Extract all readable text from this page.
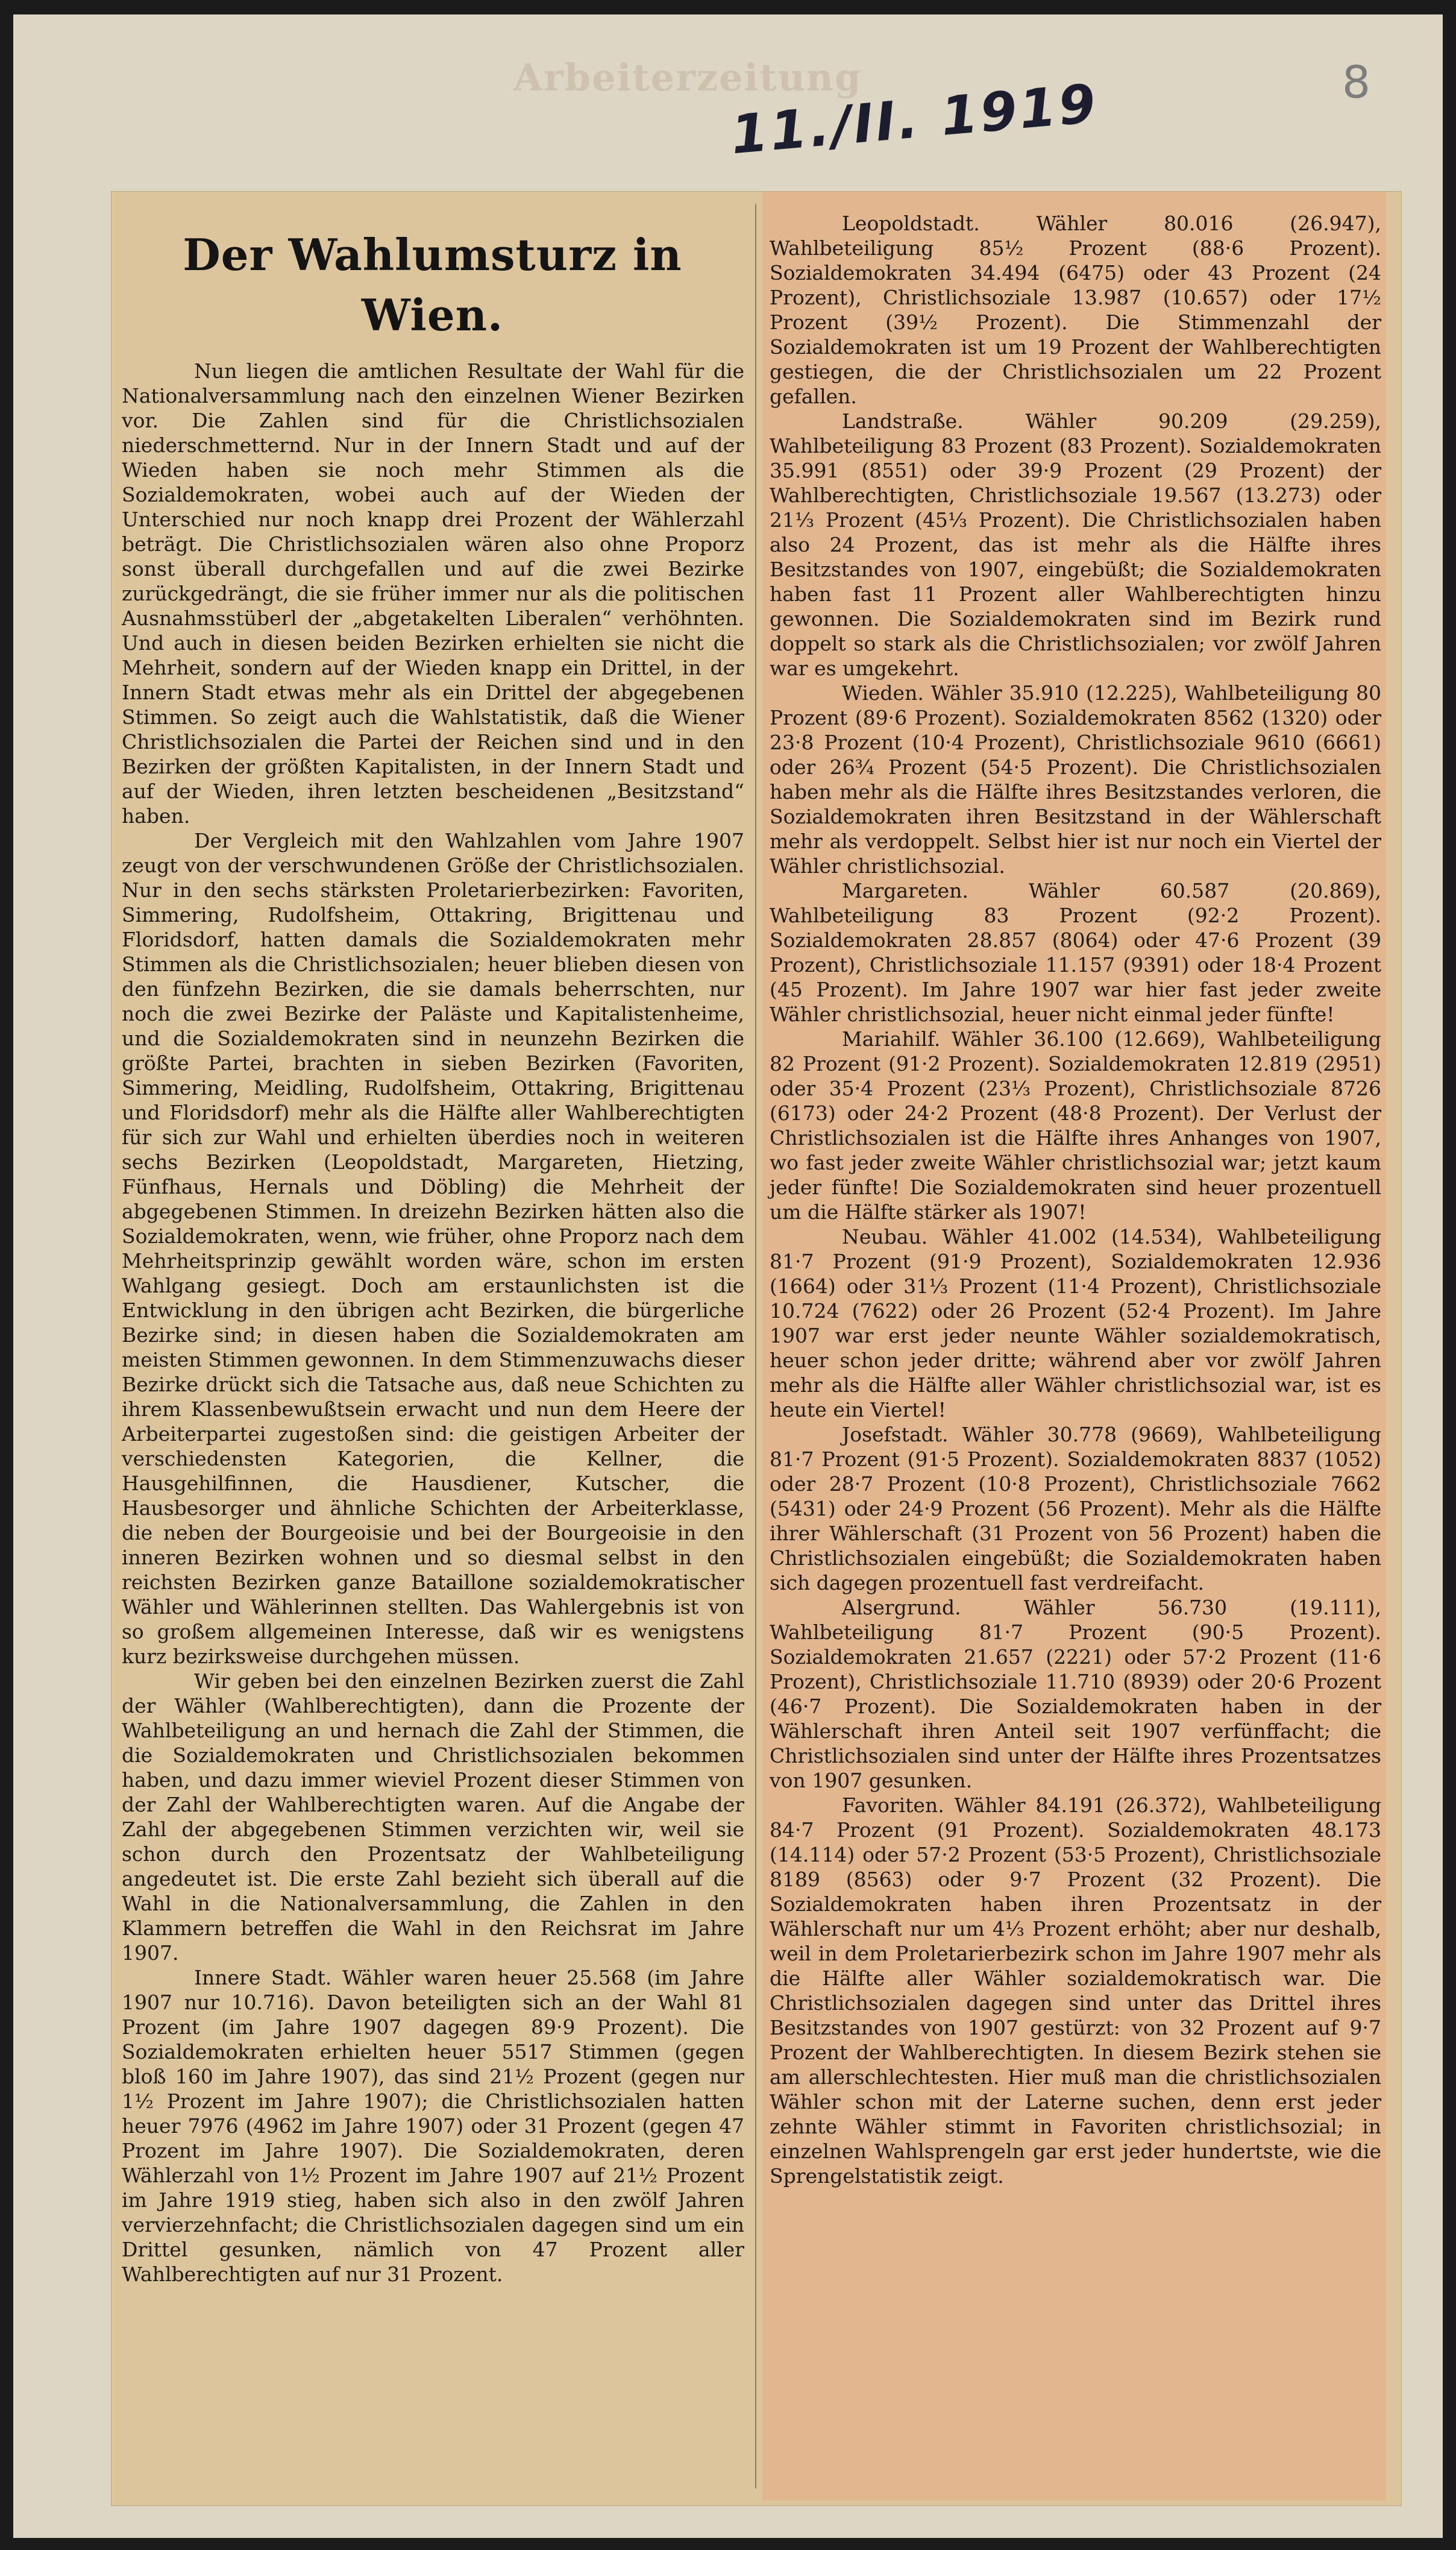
Arbeiterzeitung
11./II. 1919	8
Der Wahlumsturz in Wien.

Nun liegen die amtlichen Resultate der Wahl für die Nationalversammlung nach den einzelnen Wiener Bezirken vor. Die Zahlen sind für die Christlichsozialen niederschmetternd. Nur in der Innern Stadt und auf der Wieden haben sie noch mehr Stimmen als die Sozialdemokraten, wobei auch auf der Wieden der Unterschied nur noch knapp drei Prozent der Wählerzahl beträgt. Die Christlichsozialen wären also ohne Proporz sonst überall durchgefallen und auf die zwei Bezirke zurückgedrängt, die sie früher immer nur als die politischen Ausnahmsstüberl der „abgetakelten Liberalen“ verhöhnten. Und auch in diesen beiden Bezirken erhielten sie nicht die Mehrheit, sondern auf der Wieden knapp ein Drittel, in der Innern Stadt etwas mehr als ein Drittel der abgegebenen Stimmen. So zeigt auch die Wahlstatistik, daß die Wiener Christlichsozialen die Partei der Reichen sind und in den Bezirken der größten Kapitalisten, in der Innern Stadt und auf der Wieden, ihren letzten bescheidenen „Besitzstand“ haben.

Der Vergleich mit den Wahlzahlen vom Jahre 1907 zeugt von der verschwundenen Größe der Christlichsozialen. Nur in den sechs stärksten Proletarierbezirken: Favoriten, Simmering, Rudolfsheim, Ottakring, Brigittenau und Floridsdorf, hatten damals die Sozialdemokraten mehr Stimmen als die Christlichsozialen; heuer blieben diesen von den fünfzehn Bezirken, die sie damals beherrschten, nur noch die zwei Bezirke der Paläste und Kapitalistenheime, und die Sozialdemokraten sind in neunzehn Bezirken die größte Partei, brachten in sieben Bezirken (Favoriten, Simmering, Meidling, Rudolfsheim, Ottakring, Brigittenau und Floridsdorf) mehr als die Hälfte aller Wahlberechtigten für sich zur Wahl und erhielten überdies noch in weiteren sechs Bezirken (Leopoldstadt, Margareten, Hietzing, Fünfhaus, Hernals und Döbling) die Mehrheit der abgegebenen Stimmen. In dreizehn Bezirken hätten also die Sozialdemokraten, wenn, wie früher, ohne Proporz nach dem Mehrheitsprinzip gewählt worden wäre, schon im ersten Wahlgang gesiegt. Doch am erstaunlichsten ist die Entwicklung in den übrigen acht Bezirken, die bürgerliche Bezirke sind; in diesen haben die Sozialdemokraten am meisten Stimmen gewonnen. In dem Stimmenzuwachs dieser Bezirke drückt sich die Tatsache aus, daß neue Schichten zu ihrem Klassenbewußtsein erwacht und nun dem Heere der Arbeiterpartei zugestoßen sind: die geistigen Arbeiter der verschiedensten Kategorien, die Kellner, die Hausgehilfinnen, die Hausdiener, Kutscher, die Hausbesorger und ähnliche Schichten der Arbeiterklasse, die neben der Bourgeoisie und bei der Bourgeoisie in den inneren Bezirken wohnen und so diesmal selbst in den reichsten Bezirken ganze Bataillone sozialdemokratischer Wähler und Wählerinnen stellten. Das Wahlergebnis ist von so großem allgemeinen Interesse, daß wir es wenigstens kurz bezirksweise durchgehen müssen.

Wir geben bei den einzelnen Bezirken zuerst die Zahl der Wähler (Wahlberechtigten), dann die Prozente der Wahlbeteiligung an und hernach die Zahl der Stimmen, die die Sozialdemokraten und Christlichsozialen bekommen haben, und dazu immer wieviel Prozent dieser Stimmen von der Zahl der Wahlberechtigten waren. Auf die Angabe der Zahl der abgegebenen Stimmen verzichten wir, weil sie schon durch den Prozentsatz der Wahlbeteiligung angedeutet ist. Die erste Zahl bezieht sich überall auf die Wahl in die Nationalversammlung, die Zahlen in den Klammern betreffen die Wahl in den Reichsrat im Jahre 1907.

Innere Stadt. Wähler waren heuer 25.568 (im Jahre 1907 nur 10.716). Davon beteiligten sich an der Wahl 81 Prozent (im Jahre 1907 dagegen 89·9 Prozent). Die Sozialdemokraten erhielten heuer 5517 Stimmen (gegen bloß 160 im Jahre 1907), das sind 21½ Prozent (gegen nur 1½ Prozent im Jahre 1907); die Christlichsozialen hatten heuer 7976 (4962 im Jahre 1907) oder 31 Prozent (gegen 47 Prozent im Jahre 1907). Die Sozialdemokraten, deren Wählerzahl von 1½ Prozent im Jahre 1907 auf 21½ Prozent im Jahre 1919 stieg, haben sich also in den zwölf Jahren vervierzehnfacht; die Christlichsozialen dagegen sind um ein Drittel gesunken, nämlich von 47 Prozent aller Wahlberechtigten auf nur 31 Prozent.

Leopoldstadt. Wähler 80.016 (26.947), Wahlbeteiligung 85½ Prozent (88·6 Prozent). Sozialdemokraten 34.494 (6475) oder 43 Prozent (24 Prozent), Christlichsoziale 13.987 (10.657) oder 17½ Prozent (39½ Prozent). Die Stimmenzahl der Sozialdemokraten ist um 19 Prozent der Wahlberechtigten gestiegen, die der Christlichsozialen um 22 Prozent gefallen.

Landstraße. Wähler 90.209 (29.259), Wahlbeteiligung 83 Prozent (83 Prozent). Sozialdemokraten 35.991 (8551) oder 39·9 Prozent (29 Prozent) der Wahlberechtigten, Christlichsoziale 19.567 (13.273) oder 21⅓ Prozent (45⅓ Prozent). Die Christlichsozialen haben also 24 Prozent, das ist mehr als die Hälfte ihres Besitzstandes von 1907, eingebüßt; die Sozialdemokraten haben fast 11 Prozent aller Wahlberechtigten hinzu gewonnen. Die Sozialdemokraten sind im Bezirk rund doppelt so stark als die Christlichsozialen; vor zwölf Jahren war es umgekehrt.

Wieden. Wähler 35.910 (12.225), Wahlbeteiligung 80 Prozent (89·6 Prozent). Sozialdemokraten 8562 (1320) oder 23·8 Prozent (10·4 Prozent), Christlichsoziale 9610 (6661) oder 26¾ Prozent (54·5 Prozent). Die Christlichsozialen haben mehr als die Hälfte ihres Besitzstandes verloren, die Sozialdemokraten ihren Besitzstand in der Wählerschaft mehr als verdoppelt. Selbst hier ist nur noch ein Viertel der Wähler christlichsozial.

Margareten. Wähler 60.587 (20.869), Wahlbeteiligung 83 Prozent (92·2 Prozent). Sozialdemokraten 28.857 (8064) oder 47·6 Prozent (39 Prozent), Christlichsoziale 11.157 (9391) oder 18·4 Prozent (45 Prozent). Im Jahre 1907 war hier fast jeder zweite Wähler christlichsozial, heuer nicht einmal jeder fünfte!

Mariahilf. Wähler 36.100 (12.669), Wahlbeteiligung 82 Prozent (91·2 Prozent). Sozialdemokraten 12.819 (2951) oder 35·4 Prozent (23⅓ Prozent), Christlichsoziale 8726 (6173) oder 24·2 Prozent (48·8 Prozent). Der Verlust der Christlichsozialen ist die Hälfte ihres Anhanges von 1907, wo fast jeder zweite Wähler christlichsozial war; jetzt kaum jeder fünfte! Die Sozialdemokraten sind heuer prozentuell um die Hälfte stärker als 1907!

Neubau. Wähler 41.002 (14.534), Wahlbeteiligung 81·7 Prozent (91·9 Prozent), Sozialdemokraten 12.936 (1664) oder 31⅓ Prozent (11·4 Prozent), Christlichsoziale 10.724 (7622) oder 26 Prozent (52·4 Prozent). Im Jahre 1907 war erst jeder neunte Wähler sozialdemokratisch, heuer schon jeder dritte; während aber vor zwölf Jahren mehr als die Hälfte aller Wähler christlichsozial war, ist es heute ein Viertel!

Josefstadt. Wähler 30.778 (9669), Wahlbeteiligung 81·7 Prozent (91·5 Prozent). Sozialdemokraten 8837 (1052) oder 28·7 Prozent (10·8 Prozent), Christlichsoziale 7662 (5431) oder 24·9 Prozent (56 Prozent). Mehr als die Hälfte ihrer Wählerschaft (31 Prozent von 56 Prozent) haben die Christlichsozialen eingebüßt; die Sozialdemokraten haben sich dagegen prozentuell fast verdreifacht.

Alsergrund. Wähler 56.730 (19.111), Wahlbeteiligung 81·7 Prozent (90·5 Prozent). Sozialdemokraten 21.657 (2221) oder 57·2 Prozent (11·6 Prozent), Christlichsoziale 11.710 (8939) oder 20·6 Prozent (46·7 Prozent). Die Sozialdemokraten haben in der Wählerschaft ihren Anteil seit 1907 verfünffacht; die Christlichsozialen sind unter der Hälfte ihres Prozentsatzes von 1907 gesunken.

Favoriten. Wähler 84.191 (26.372), Wahlbeteiligung 84·7 Prozent (91 Prozent). Sozialdemokraten 48.173 (14.114) oder 57·2 Prozent (53·5 Prozent), Christlichsoziale 8189 (8563) oder 9·7 Prozent (32 Prozent). Die Sozialdemokraten haben ihren Prozentsatz in der Wählerschaft nur um 4⅓ Prozent erhöht; aber nur deshalb, weil in dem Proletarierbezirk schon im Jahre 1907 mehr als die Hälfte aller Wähler sozialdemokratisch war. Die Christlichsozialen dagegen sind unter das Drittel ihres Besitzstandes von 1907 gestürzt: von 32 Prozent auf 9·7 Prozent der Wahlberechtigten. In diesem Bezirk stehen sie am allerschlechtesten. Hier muß man die christlichsozialen Wähler schon mit der Laterne suchen, denn erst jeder zehnte Wähler stimmt in Favoriten christlichsozial; in einzelnen Wahlsprengeln gar erst jeder hundertste, wie die Sprengelstatistik zeigt.
